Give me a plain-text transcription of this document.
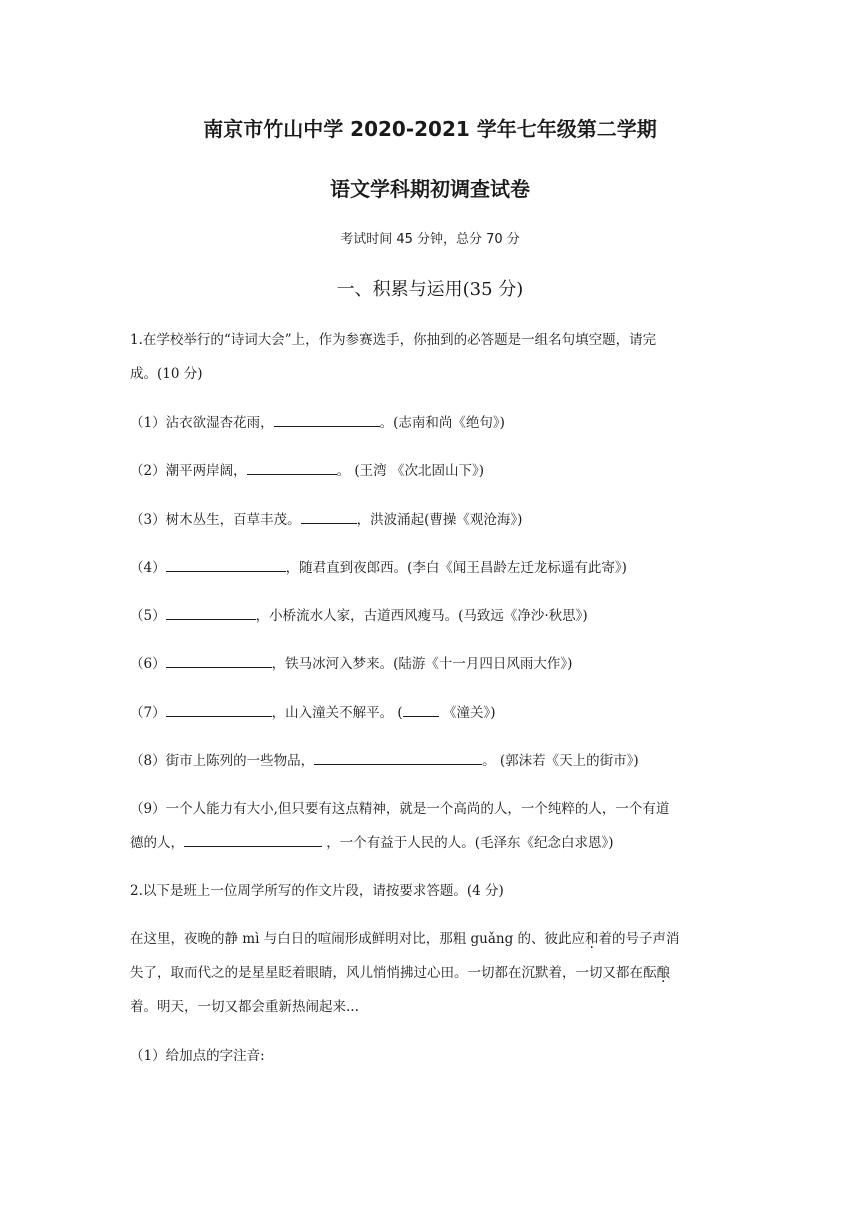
南京市竹山中学 2020-2021 学年七年级第二学期
语文学科期初调查试卷
考试时间 45 分钟，总分 70 分
一、积累与运用(35 分)
1.在学校举行的“诗词大会”上，作为参赛选手，你抽到的必答题是一组名句填空题，请完
成。(10 分)
（1）沾衣欲湿杏花雨，	。(志南和尚《绝句》)
（2）潮平两岸阔，	。 (王湾 《次北固山下》)
（3）树木丛生，百草丰茂。	，洪波涌起(曹操《观沧海》)
（4）	，随君直到夜郎西。(李白《闻王昌龄左迁龙标遥有此寄》)
（5）	，小桥流水人家，古道西风瘦马。(马致远《净沙·秋思》)
（6）	，铁马冰河入梦来。(陆游《十一月四日风雨大作》)
（7）	，山入潼关不解平。 (	《潼关》)
（8）街市上陈列的一些物品，	。 (郭沫若《天上的街市》)
（9）一个人能力有大小,但只要有这点精神，就是一个高尚的人，一个纯粹的人，一个有道
德的人，	，一个有益于人民的人。(毛泽东《纪念白求恩》)
2.以下是班上一位周学所写的作文片段，请按要求答题。(4 分)
在这里，夜晚的静 mì 与白日的喧闹形成鲜明对比，那粗 guǎng 的、彼此应和着的号子声消
失了，取而代之的是星星眨着眼睛，风儿悄悄拂过心田。一切都在沉默着，一切又都在酝酿
着。明天，一切又都会重新热闹起来...
（1）给加点的字注音:
